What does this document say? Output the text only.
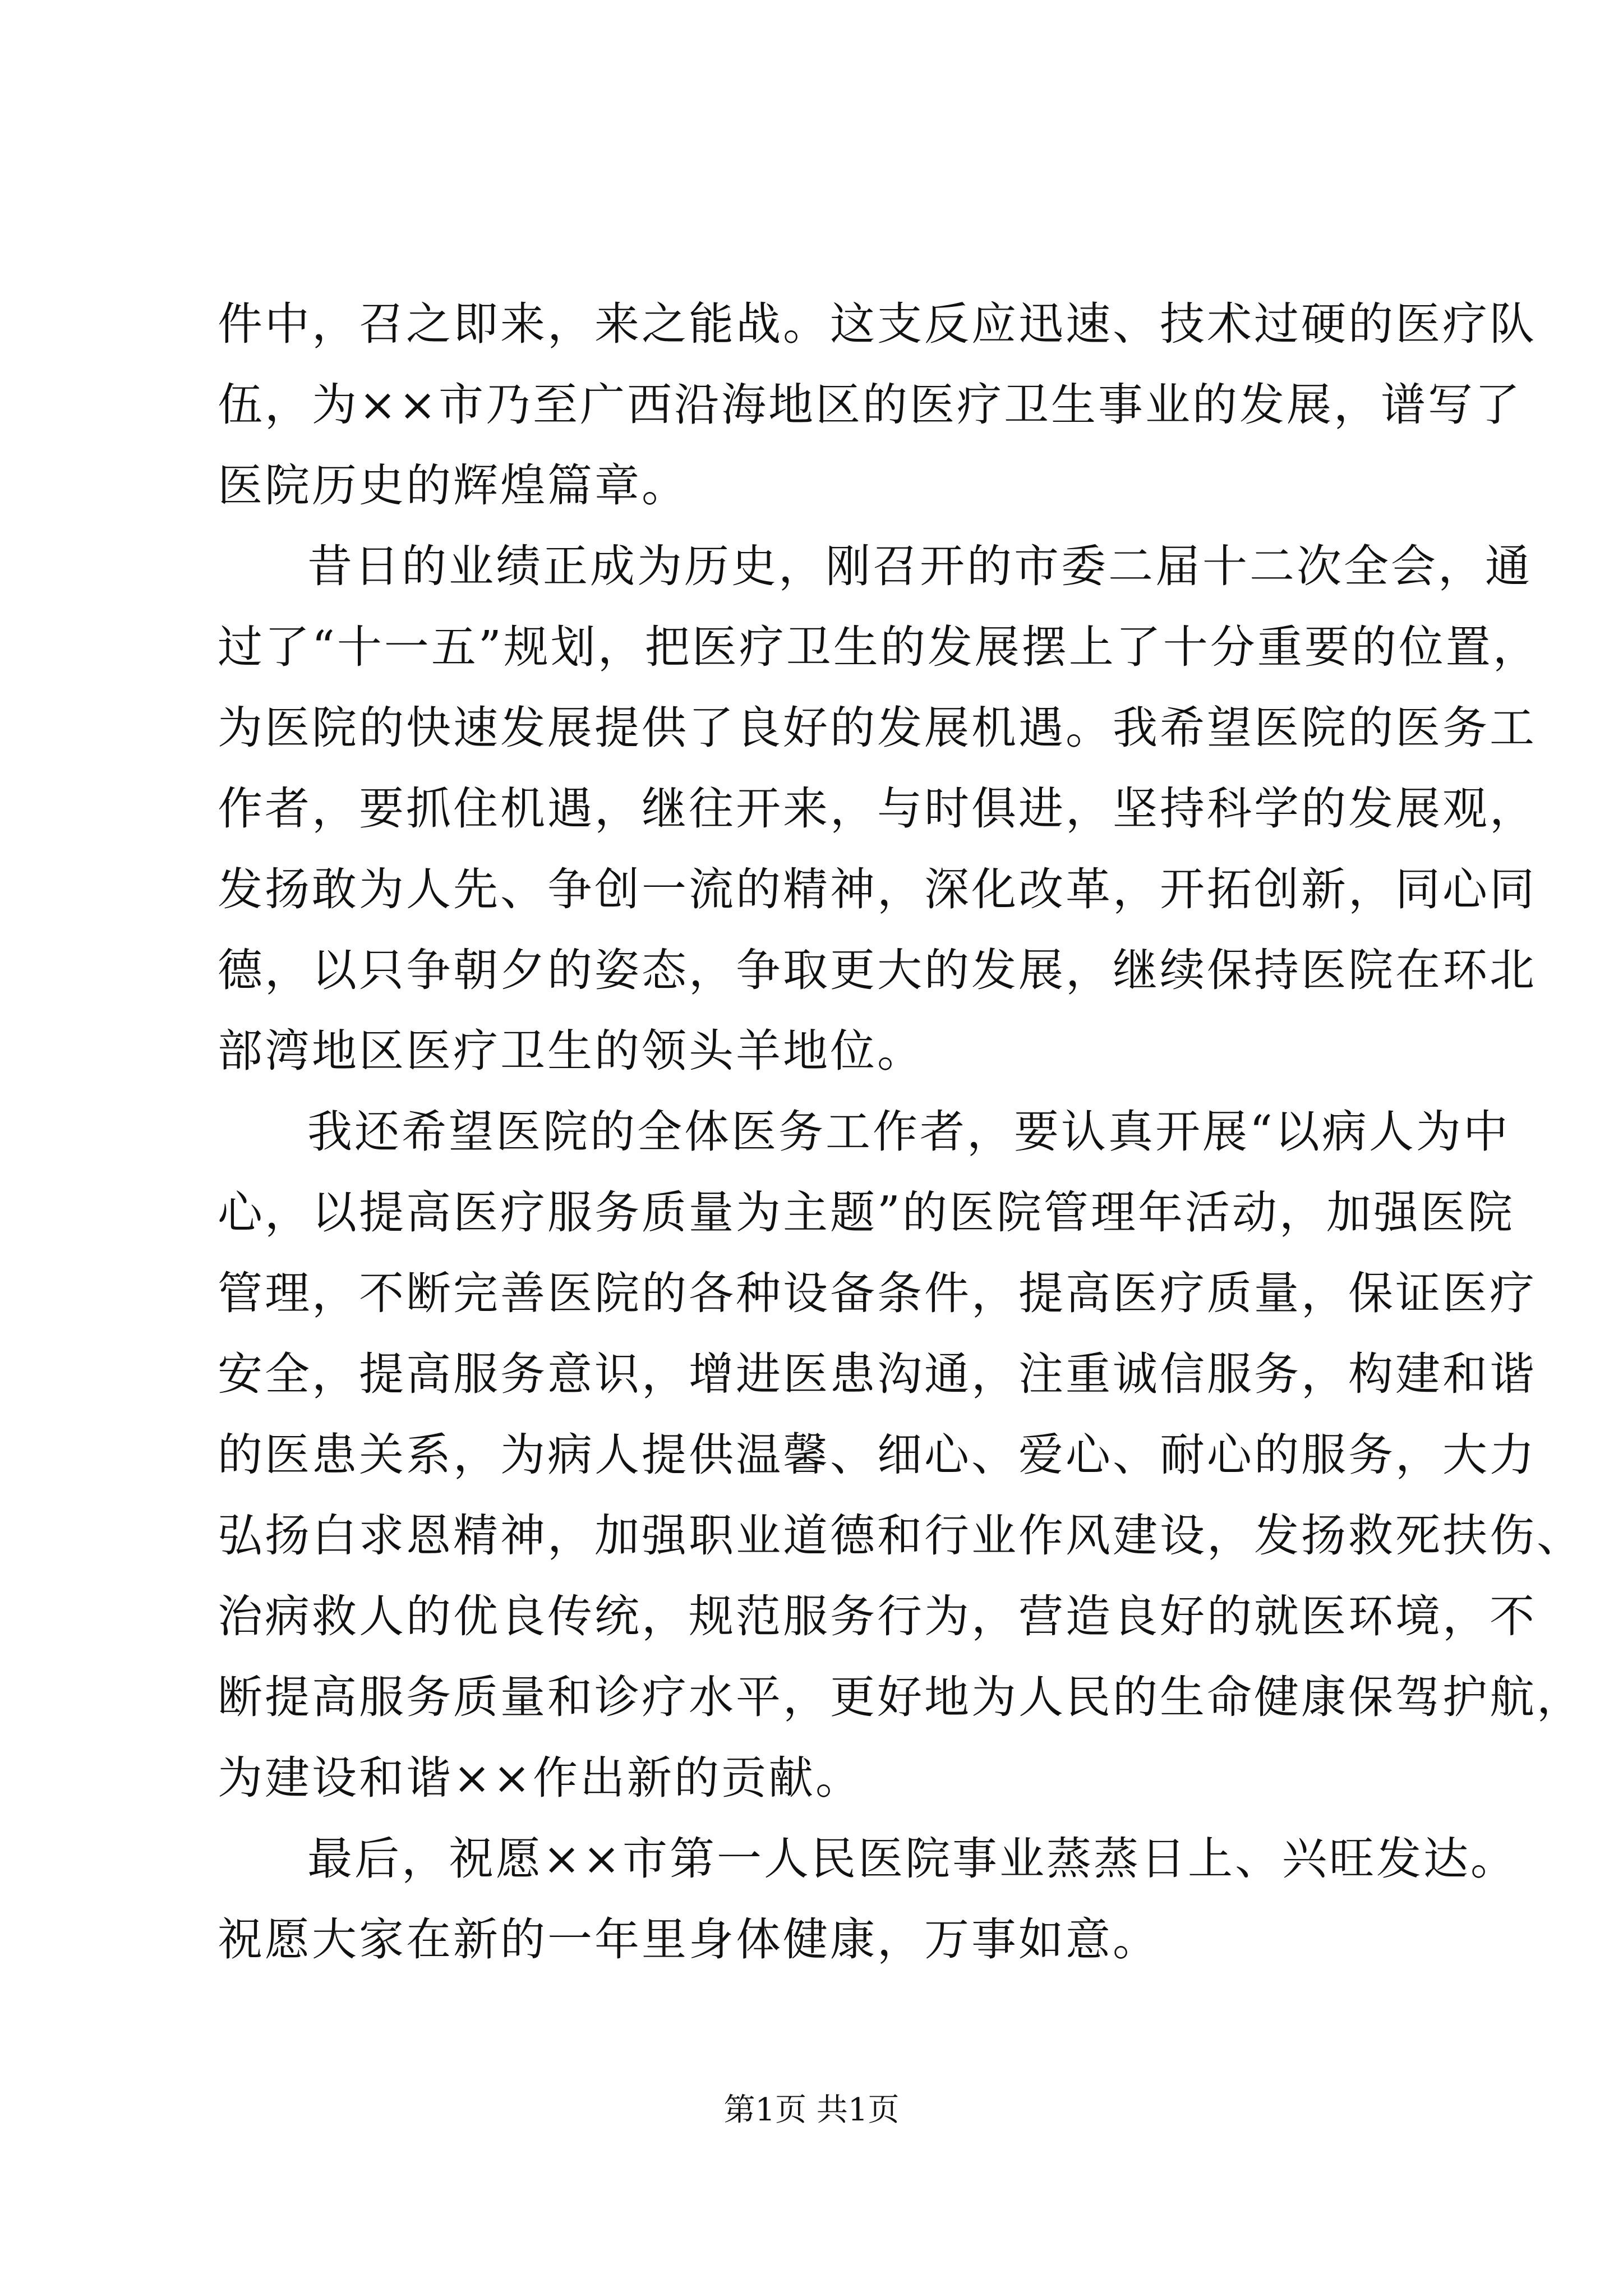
件中，召之即来，来之能战。这支反应迅速、技术过硬的医疗队
伍，为××市乃至广西沿海地区的医疗卫生事业的发展，谱写了
医院历史的辉煌篇章。
昔日的业绩正成为历史，刚召开的市委二届十二次全会，通
过了“十一五”规划，把医疗卫生的发展摆上了十分重要的位置，
为医院的快速发展提供了良好的发展机遇。我希望医院的医务工
作者，要抓住机遇，继往开来，与时俱进，坚持科学的发展观，
发扬敢为人先、争创一流的精神，深化改革，开拓创新，同心同
德，以只争朝夕的姿态，争取更大的发展，继续保持医院在环北
部湾地区医疗卫生的领头羊地位。
我还希望医院的全体医务工作者，要认真开展“以病人为中
心，以提高医疗服务质量为主题”的医院管理年活动，加强医院
管理，不断完善医院的各种设备条件，提高医疗质量，保证医疗
安全，提高服务意识，增进医患沟通，注重诚信服务，构建和谐
的医患关系，为病人提供温馨、细心、爱心、耐心的服务，大力
弘扬白求恩精神，加强职业道德和行业作风建设，发扬救死扶伤、
治病救人的优良传统，规范服务行为，营造良好的就医环境，不
断提高服务质量和诊疗水平，更好地为人民的生命健康保驾护航，
为建设和谐××作出新的贡献。
最后，祝愿××市第一人民医院事业蒸蒸日上、兴旺发达。
祝愿大家在新的一年里身体健康，万事如意。
第1页 共1页
